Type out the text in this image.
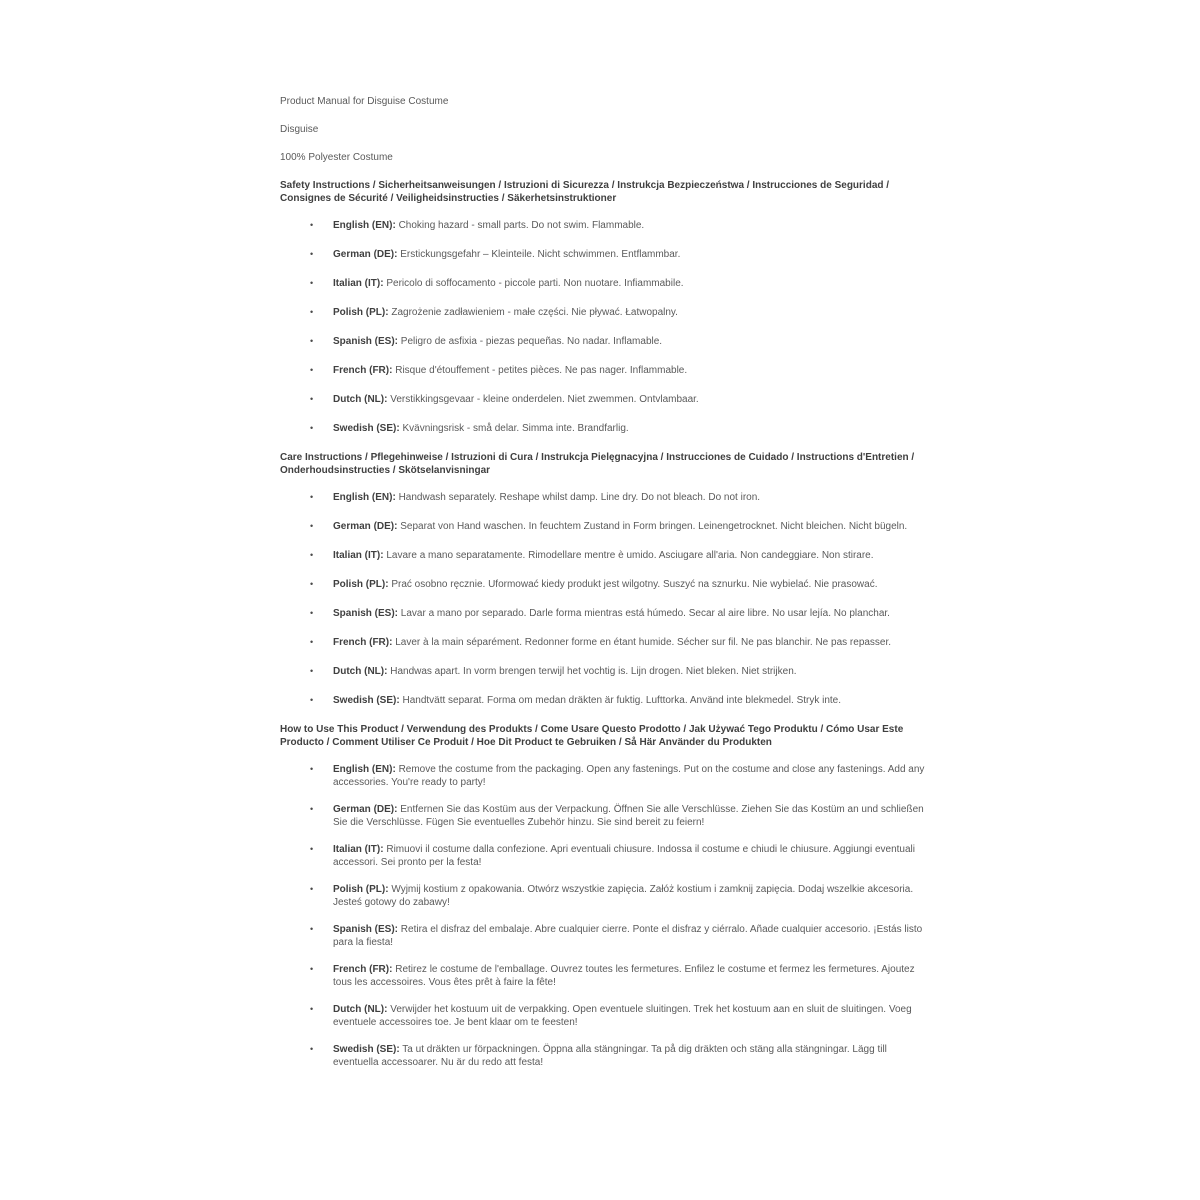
Product Manual for Disguise Costume

Disguise

100% Polyester Costume

Safety Instructions / Sicherheitsanweisungen / Istruzioni di Sicurezza / Instrukcja Bezpieczeństwa / Instrucciones de Seguridad / Consignes de Sécurité / Veiligheidsinstructies / Säkerhetsinstruktioner

• English (EN): Choking hazard - small parts. Do not swim. Flammable.
• German (DE): Erstickungsgefahr – Kleinteile. Nicht schwimmen. Entflammbar.
• Italian (IT): Pericolo di soffocamento - piccole parti. Non nuotare. Infiammabile.
• Polish (PL): Zagrożenie zadławieniem - małe części. Nie pływać. Łatwopalny.
• Spanish (ES): Peligro de asfixia - piezas pequeñas. No nadar. Inflamable.
• French (FR): Risque d'étouffement - petites pièces. Ne pas nager. Inflammable.
• Dutch (NL): Verstikkingsgevaar - kleine onderdelen. Niet zwemmen. Ontvlambaar.
• Swedish (SE): Kvävningsrisk - små delar. Simma inte. Brandfarlig.

Care Instructions / Pflegehinweise / Istruzioni di Cura / Instrukcja Pielęgnacyjna / Instrucciones de Cuidado / Instructions d'Entretien / Onderhoudsinstructies / Skötselanvisningar

• English (EN): Handwash separately. Reshape whilst damp. Line dry. Do not bleach. Do not iron.
• German (DE): Separat von Hand waschen. In feuchtem Zustand in Form bringen. Leinengetrocknet. Nicht bleichen. Nicht bügeln.
• Italian (IT): Lavare a mano separatamente. Rimodellare mentre è umido. Asciugare all'aria. Non candeggiare. Non stirare.
• Polish (PL): Prać osobno ręcznie. Uformować kiedy produkt jest wilgotny. Suszyć na sznurku. Nie wybielać. Nie prasować.
• Spanish (ES): Lavar a mano por separado. Darle forma mientras está húmedo. Secar al aire libre. No usar lejía. No planchar.
• French (FR): Laver à la main séparément. Redonner forme en étant humide. Sécher sur fil. Ne pas blanchir. Ne pas repasser.
• Dutch (NL): Handwas apart. In vorm brengen terwijl het vochtig is. Lijn drogen. Niet bleken. Niet strijken.
• Swedish (SE): Handtvätt separat. Forma om medan dräkten är fuktig. Lufttorka. Använd inte blekmedel. Stryk inte.

How to Use This Product / Verwendung des Produkts / Come Usare Questo Prodotto / Jak Używać Tego Produktu / Cómo Usar Este Producto / Comment Utiliser Ce Produit / Hoe Dit Product te Gebruiken / Så Här Använder du Produkten

• English (EN): Remove the costume from the packaging. Open any fastenings. Put on the costume and close any fastenings. Add any accessories. You're ready to party!
• German (DE): Entfernen Sie das Kostüm aus der Verpackung. Öffnen Sie alle Verschlüsse. Ziehen Sie das Kostüm an und schließen Sie die Verschlüsse. Fügen Sie eventuelles Zubehör hinzu. Sie sind bereit zu feiern!
• Italian (IT): Rimuovi il costume dalla confezione. Apri eventuali chiusure. Indossa il costume e chiudi le chiusure. Aggiungi eventuali accessori. Sei pronto per la festa!
• Polish (PL): Wyjmij kostium z opakowania. Otwórz wszystkie zapięcia. Załóż kostium i zamknij zapięcia. Dodaj wszelkie akcesoria. Jesteś gotowy do zabawy!
• Spanish (ES): Retira el disfraz del embalaje. Abre cualquier cierre. Ponte el disfraz y ciérralo. Añade cualquier accesorio. ¡Estás listo para la fiesta!
• French (FR): Retirez le costume de l'emballage. Ouvrez toutes les fermetures. Enfilez le costume et fermez les fermetures. Ajoutez tous les accessoires. Vous êtes prêt à faire la fête!
• Dutch (NL): Verwijder het kostuum uit de verpakking. Open eventuele sluitingen. Trek het kostuum aan en sluit de sluitingen. Voeg eventuele accessoires toe. Je bent klaar om te feesten!
• Swedish (SE): Ta ut dräkten ur förpackningen. Öppna alla stängningar. Ta på dig dräkten och stäng alla stängningar. Lägg till eventuella accessoarer. Nu är du redo att festa!
